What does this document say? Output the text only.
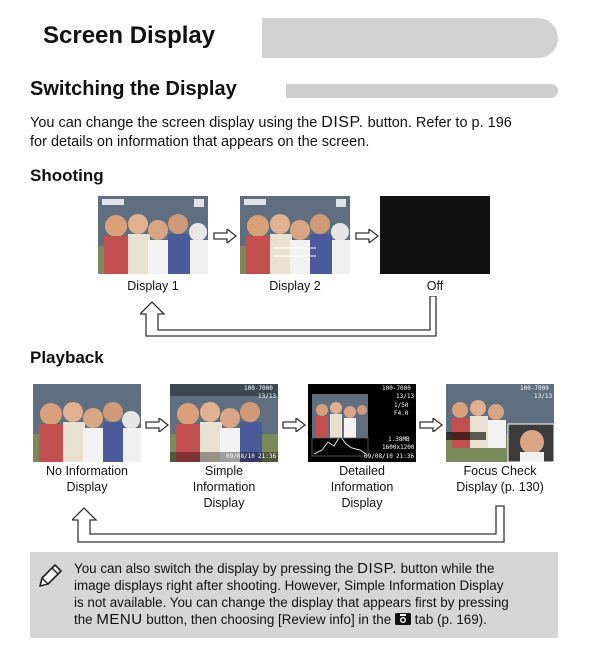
Screen Display
Switching the Display
You can change the screen display using the DISP. button. Refer to p. 196
for details on information that appears on the screen.
Shooting
Display 1	Display 2	Off
Playback
100-7000
13/13
09/08/10 21:36
100-7000
13/13
1/50
F4.0
1.38MB
1600x1200
09/08/10 21:36
100-7000
13/13
No Information
Display
Simple
Information
Display
Detailed
Information
Display
Focus Check
Display (p. 130)
You can also switch the display by pressing the DISP. button while the
image displays right after shooting. However, Simple Information Display
is not available. You can change the display that appears first by pressing
the MENU button, then choosing [Review info] in the tab (p. 169).
